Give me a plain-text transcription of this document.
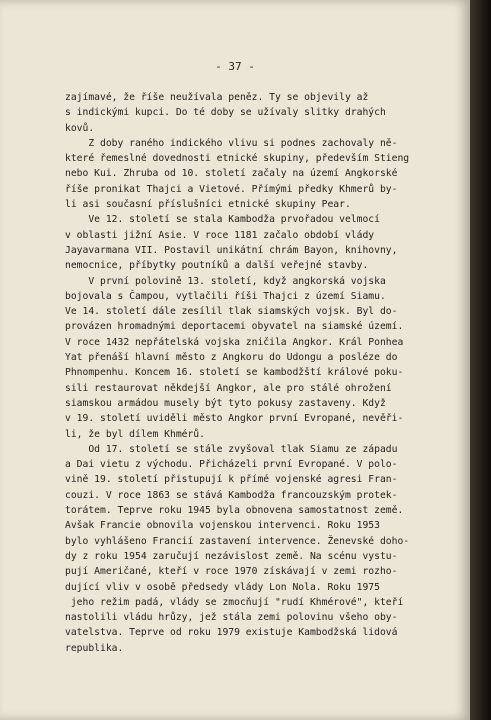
- 37 -
zajímavé, že říše neužívala peněz. Ty se objevily až
s indickými kupci. Do té doby se užívaly slitky drahých
kovů.
Z doby raného indického vlivu si podnes zachovaly ně-
které řemeslné dovednosti etnické skupiny, především Stieng
nebo Kui. Zhruba od 10. století začaly na území Angkorské
říše pronikat Thajci a Vietové. Přímými předky Khmerů by-
li asi současní příslušníci etnické skupiny Pear.
Ve 12. století se stala Kambodža prvořadou velmocí
v oblasti jižní Asie. V roce 1181 začalo období vlády
Jayavarmana VII. Postavil unikátní chrám Bayon, knihovny,
nemocnice, příbytky poutníků a další veřejné stavby.
V první polovině 13. století, když angkorská vojska
bojovala s Čampou, vytlačili říši Thajci z území Siamu.
Ve 14. století dále zesílil tlak siamských vojsk. Byl do-
provázen hromadnými deportacemi obyvatel na siamské území.
V roce 1432 nepřátelská vojska zničila Angkor. Král Ponhea
Yat přenáší hlavní město z Angkoru do Udongu a posléze do
Phnompenhu. Koncem 16. století se kambodžští králové poku-
sili restaurovat někdejší Angkor, ale pro stálé ohrožení
siamskou armádou musely být tyto pokusy zastaveny. Když
v 19. století uviděli město Angkor první Evropané, nevěři-
li, že byl dílem Khmérů.
Od 17. století se stále zvyšoval tlak Siamu ze západu
a Dai vietu z východu. Přicházeli první Evropané. V polo-
vině 19. století přistupují k přímé vojenské agresi Fran-
couzi. V roce 1863 se stává Kambodža francouzským protek-
torátem. Teprve roku 1945 byla obnovena samostatnost země.
Avšak Francie obnovila vojenskou intervenci. Roku 1953
bylo vyhlášeno Francií zastavení intervence. Ženevské doho-
dy z roku 1954 zaručují nezávislost země. Na scénu vystu-
pují Američané, kteří v roce 1970 získávají v zemi rozho-
dující vliv v osobě předsedy vlády Lon Nola. Roku 1975
jeho režim padá, vlády se zmocňují "rudí Khmérové", kteří
nastolili vládu hrůzy, jež stála zemi polovinu všeho oby-
vatelstva. Teprve od roku 1979 existuje Kambodžská lidová
republika.
